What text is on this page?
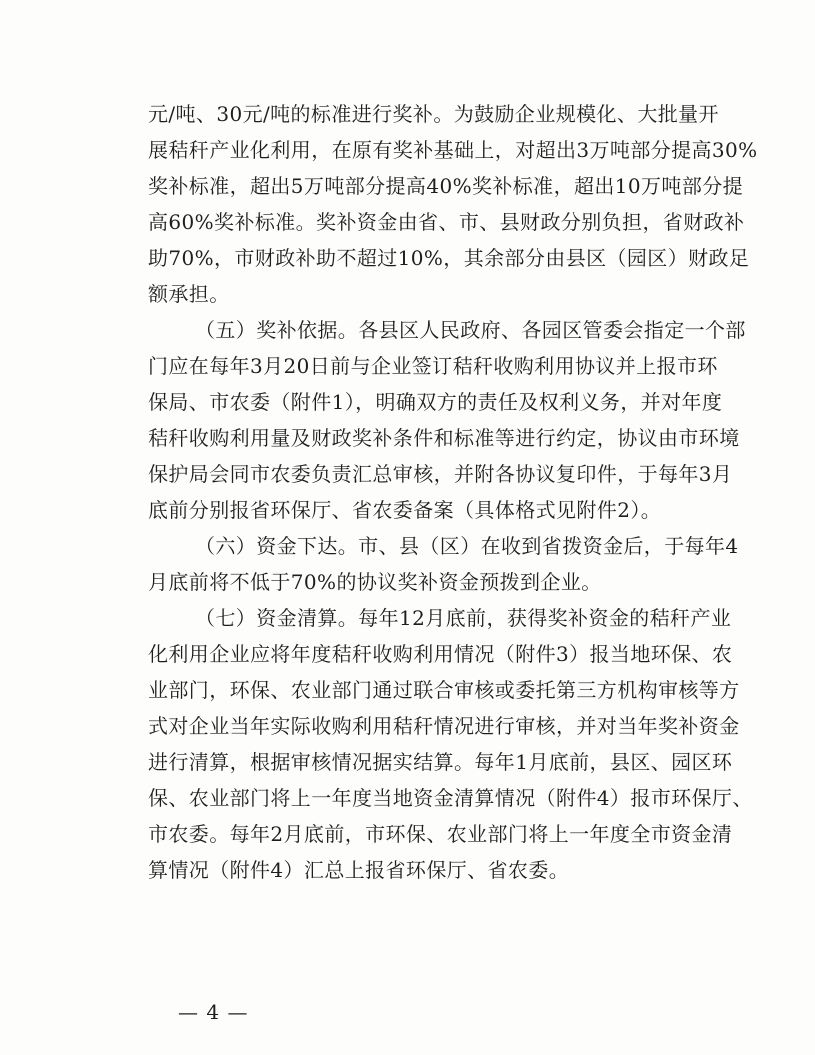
元/吨、30元/吨的标准进行奖补。为鼓励企业规模化、大批量开
展秸秆产业化利用，在原有奖补基础上，对超出3万吨部分提高30%
奖补标准，超出5万吨部分提高40%奖补标准，超出10万吨部分提
高60%奖补标准。奖补资金由省、市、县财政分别负担，省财政补
助70%，市财政补助不超过10%，其余部分由县区（园区）财政足
额承担。
（五）奖补依据。各县区人民政府、各园区管委会指定一个部
门应在每年3月20日前与企业签订秸秆收购利用协议并上报市环
保局、市农委（附件1），明确双方的责任及权利义务，并对年度
秸秆收购利用量及财政奖补条件和标准等进行约定，协议由市环境
保护局会同市农委负责汇总审核，并附各协议复印件，于每年3月
底前分别报省环保厅、省农委备案（具体格式见附件2）。
（六）资金下达。市、县（区）在收到省拨资金后，于每年4
月底前将不低于70%的协议奖补资金预拨到企业。
（七）资金清算。每年12月底前，获得奖补资金的秸秆产业
化利用企业应将年度秸秆收购利用情况（附件3）报当地环保、农
业部门，环保、农业部门通过联合审核或委托第三方机构审核等方
式对企业当年实际收购利用秸秆情况进行审核，并对当年奖补资金
进行清算，根据审核情况据实结算。每年1月底前，县区、园区环
保、农业部门将上一年度当地资金清算情况（附件4）报市环保厅、
市农委。每年2月底前，市环保、农业部门将上一年度全市资金清
算情况（附件4）汇总上报省环保厅、省农委。
— 4 —
